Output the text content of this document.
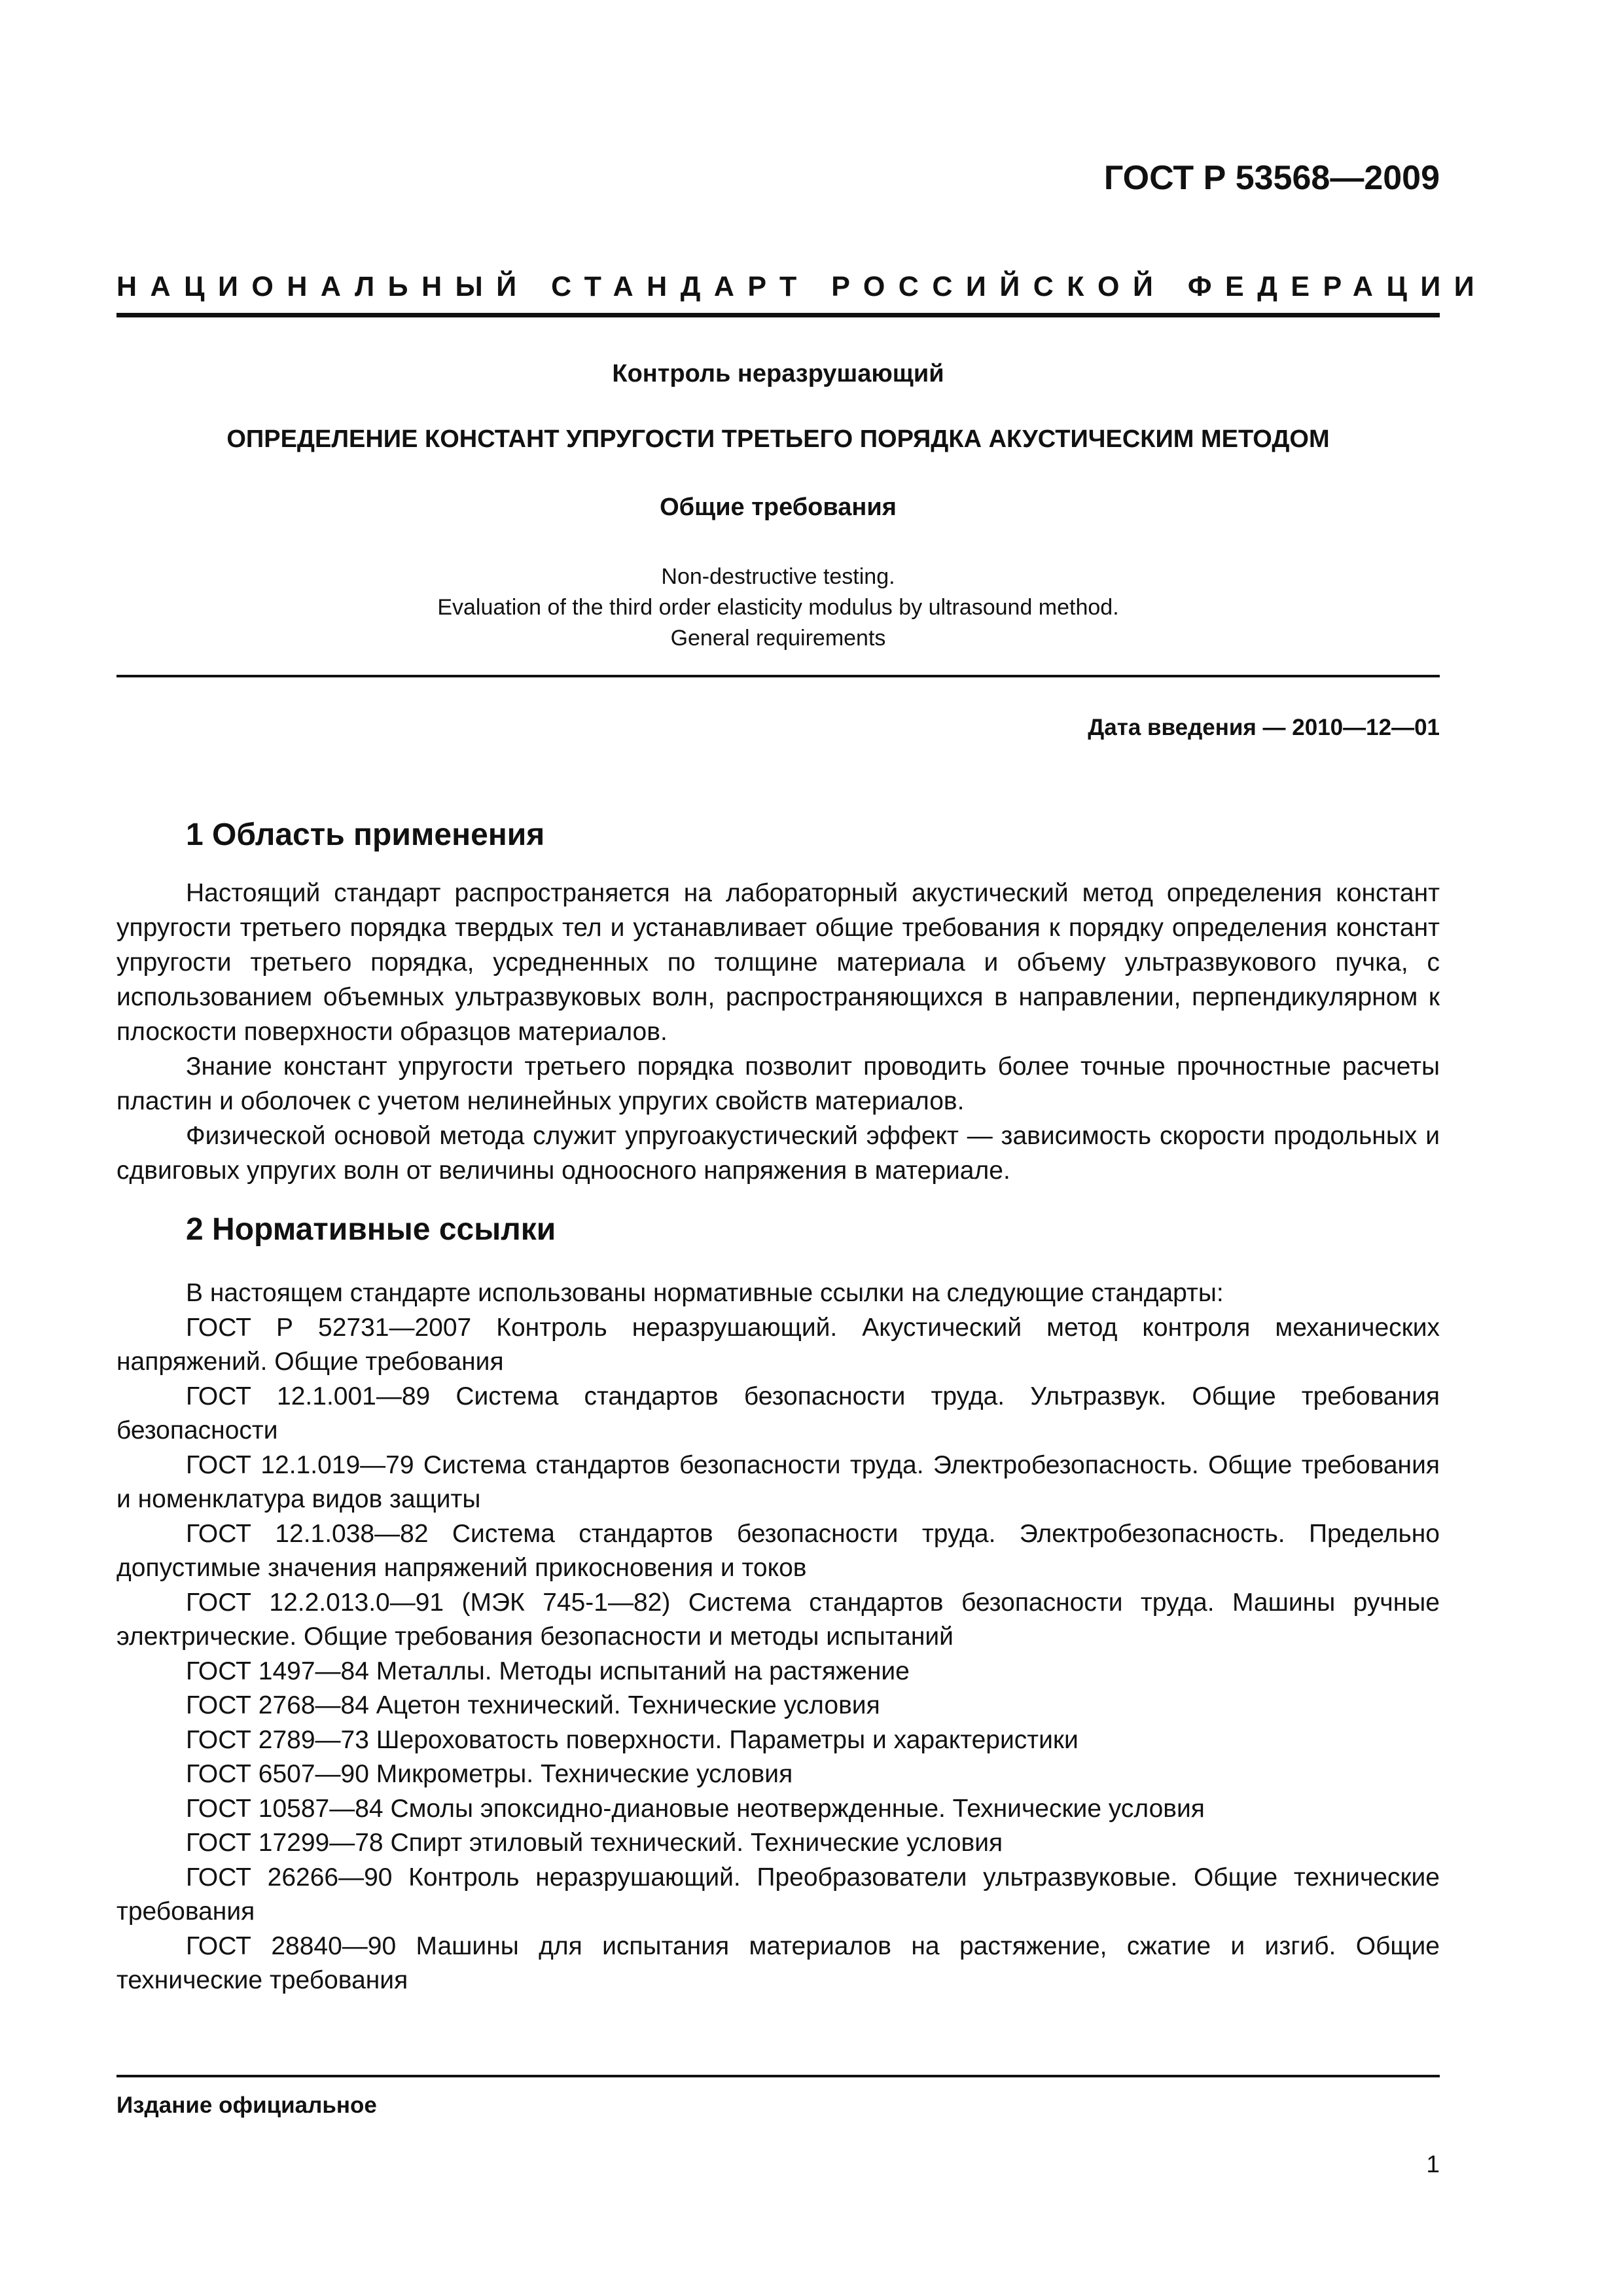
ГОСТ Р 53568—2009
НАЦИОНАЛЬНЫЙ СТАНДАРТ РОССИЙСКОЙ ФЕДЕРАЦИИ
Контроль неразрушающий
ОПРЕДЕЛЕНИЕ КОНСТАНТ УПРУГОСТИ ТРЕТЬЕГО ПОРЯДКА АКУСТИЧЕСКИМ МЕТОДОМ
Общие требования
Non-destructive testing.
Evaluation of the third order elasticity modulus by ultrasound method.
General requirements
Дата введения — 2010—12—01
1 Область применения

Настоящий стандарт распространяется на лабораторный акустический метод определения констант упругости третьего порядка твердых тел и устанавливает общие требования к порядку определения констант упругости третьего порядка, усредненных по толщине материала и объему ультразвукового пучка, с использованием объемных ультразвуковых волн, распространяющихся в направлении, перпендикулярном к плоскости поверхности образцов материалов.

Знание констант упругости третьего порядка позволит проводить более точные прочностные расчеты пластин и оболочек с учетом нелинейных упругих свойств материалов.

Физической основой метода служит упругоакустический эффект — зависимость скорости продольных и сдвиговых упругих волн от величины одноосного напряжения в материале.

2 Нормативные ссылки

В настоящем стандарте использованы нормативные ссылки на следующие стандарты:

ГОСТ Р 52731—2007 Контроль неразрушающий. Акустический метод контроля механических напряжений. Общие требования

ГОСТ 12.1.001—89 Система стандартов безопасности труда. Ультразвук. Общие требования безопасности

ГОСТ 12.1.019—79 Система стандартов безопасности труда. Электробезопасность. Общие требования и номенклатура видов защиты

ГОСТ 12.1.038—82 Система стандартов безопасности труда. Электробезопасность. Предельно допустимые значения напряжений прикосновения и токов

ГОСТ 12.2.013.0—91 (МЭК 745-1—82) Система стандартов безопасности труда. Машины ручные электрические. Общие требования безопасности и методы испытаний

ГОСТ 1497—84 Металлы. Методы испытаний на растяжение

ГОСТ 2768—84 Ацетон технический. Технические условия

ГОСТ 2789—73 Шероховатость поверхности. Параметры и характеристики

ГОСТ 6507—90 Микрометры. Технические условия

ГОСТ 10587—84 Смолы эпоксидно-диановые неотвержденные. Технические условия

ГОСТ 17299—78 Спирт этиловый технический. Технические условия

ГОСТ 26266—90 Контроль неразрушающий. Преобразователи ультразвуковые. Общие технические требования

ГОСТ 28840—90 Машины для испытания материалов на растяжение, сжатие и изгиб. Общие технические требования

Издание официальное
1
